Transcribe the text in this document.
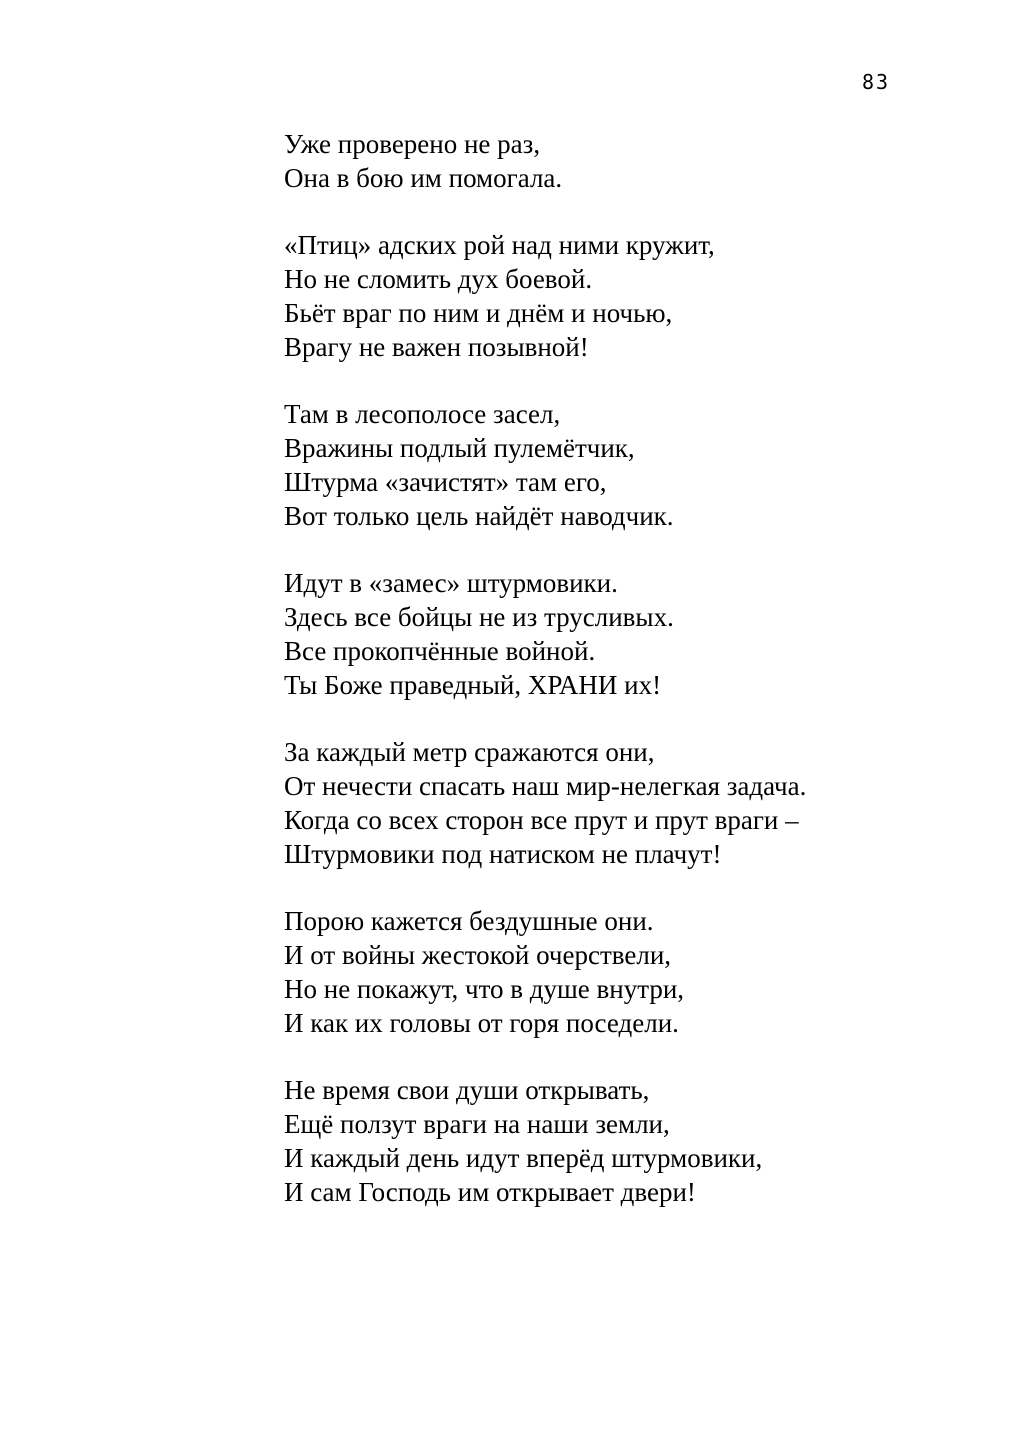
83
Уже проверено не раз,
Она в бою им помогала.
«Птиц» адских рой над ними кружит,
Но не сломить дух боевой.
Бьёт враг по ним и днём и ночью,
Врагу не важен позывной!
Там в лесополосе засел,
Вражины подлый пулемётчик,
Штурма «зачистят» там его,
Вот только цель найдёт наводчик.
Идут в «замес» штурмовики.
Здесь все бойцы не из трусливых.
Все прокопчённые войной.
Ты Боже праведный, ХРАНИ их!
За каждый метр сражаются они,
От нечести спасать наш мир-нелегкая задача.
Когда со всех сторон все прут и прут враги –
Штурмовики под натиском не плачут!
Порою кажется бездушные они.
И от войны жестокой очерствели,
Но не покажут, что в душе внутри,
И как их головы от горя поседели.
Не время свои души открывать,
Ещё ползут враги на наши земли,
И каждый день идут вперёд штурмовики,
И сам Господь им открывает двери!
